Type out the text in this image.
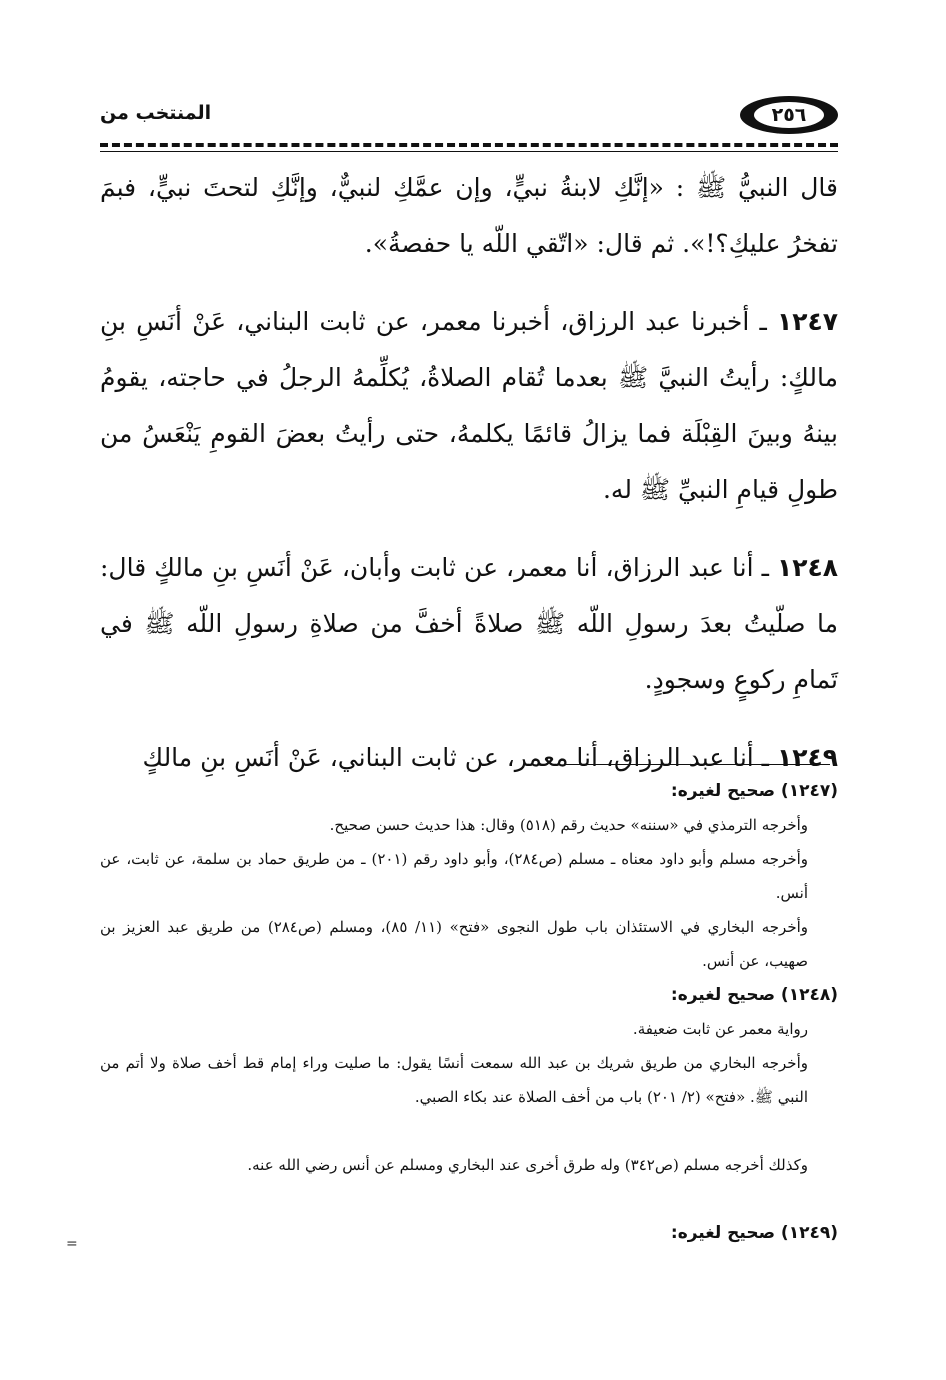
المنتخب من	٢٥٦

قال النبيُّ ﷺ : «إنَّكِ لابنةُ نبيٍّ، وإن عمَّكِ لنبيٌّ، وإنَّكِ لتحتَ نبيٍّ، فبمَ تفخرُ عليكِ؟!». ثم قال: «اتّقي اللّه يا حفصةُ».

١٢٤٧ ـ أخبرنا عبد الرزاق، أخبرنا معمر، عن ثابت البناني، عَنْ أنَسِ بنِ مالكٍ: رأيتُ النبيَّ ﷺ بعدما تُقام الصلاةُ، يُكلِّمهُ الرجلُ في حاجته، يقومُ بينهُ وبينَ القِبْلَة فما يزالُ قائمًا يكلمهُ، حتى رأيتُ بعضَ القومِ يَنْعَسُ من طولِ قيامِ النبيِّ ﷺ له.

١٢٤٨ ـ أنا عبد الرزاق، أنا معمر، عن ثابت وأبان، عَنْ أنَسِ بنِ مالكٍ قال: ما صلّيتُ بعدَ رسولِ اللّه ﷺ صلاةً أخفَّ من صلاةِ رسولِ اللّه ﷺ في تَمامِ ركوعٍ وسجودٍ.

١٢٤٩ ـ أنا عبد الرزاق، أنا معمر، عن ثابت البناني، عَنْ أنَسِ بنِ مالكٍ

(١٢٤٧) صحيح لغيره:

وأخرجه الترمذي في «سننه» حديث رقم (٥١٨) وقال: هذا حديث حسن صحيح.

وأخرجه مسلم وأبو داود معناه ـ مسلم (ص٢٨٤)، وأبو داود رقم (٢٠١) ـ من طريق حماد بن سلمة، عن ثابت، عن أنس.

وأخرجه البخاري في الاستئذان باب طول النجوى «فتح» (١١/ ٨٥)، ومسلم (ص٢٨٤) من طريق عبد العزيز بن صهيب، عن أنس.

(١٢٤٨) صحيح لغيره:

رواية معمر عن ثابت ضعيفة.

وأخرجه البخاري من طريق شريك بن عبد الله سمعت أنسًا يقول: ما صليت وراء إمام قط أخف صلاة ولا أتم من النبي ﷺ. «فتح» (٢/ ٢٠١) باب من أخف الصلاة عند بكاء الصبي.

وكذلك أخرجه مسلم (ص٣٤٢) وله طرق أخرى عند البخاري ومسلم عن أنس رضي الله عنه.

(١٢٤٩) صحيح لغيره:

=
